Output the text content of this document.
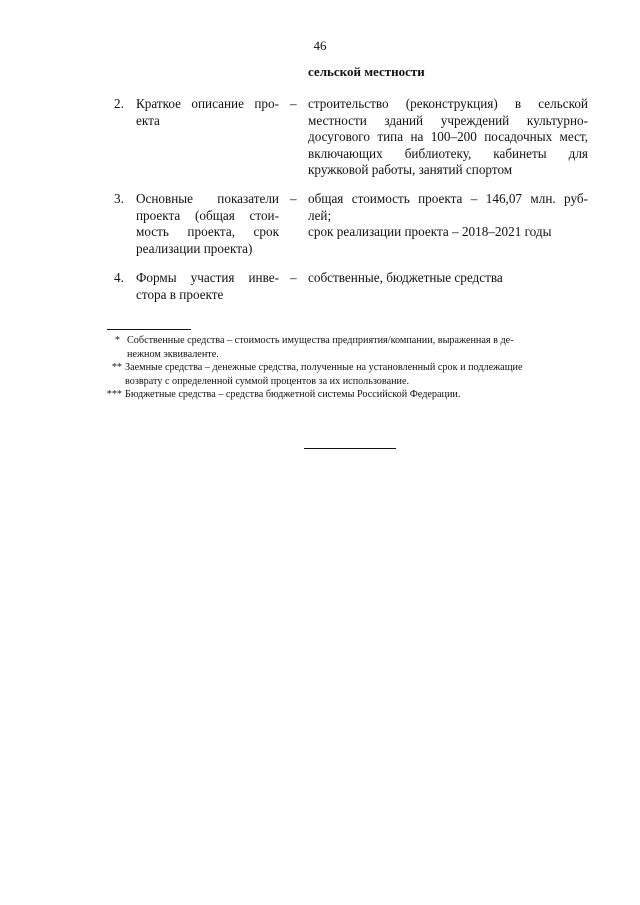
46
сельской местности
2. Краткое описание про-
екта
– строительство (реконструкция) в сельской
местности зданий учреждений культурно-
досугового типа на 100–200 посадочных мест,
включающих библиотеку, кабинеты для
кружковой работы, занятий спортом
3. Основные показатели
проекта (общая стои-
мость проекта, срок
реализации проекта)
– общая стоимость проекта – 146,07 млн. руб-
лей;
срок реализации проекта – 2018–2021 годы
4. Формы участия инве-
стора в проекте
– собственные, бюджетные средства
* Собственные средства – стоимость имущества предприятия/компании, выраженная в де-
нежном эквиваленте.
** Заемные средства – денежные средства, полученные на установленный срок и подлежащие
возврату с определенной суммой процентов за их использование.
*** Бюджетные средства – средства бюджетной системы Российской Федерации.
